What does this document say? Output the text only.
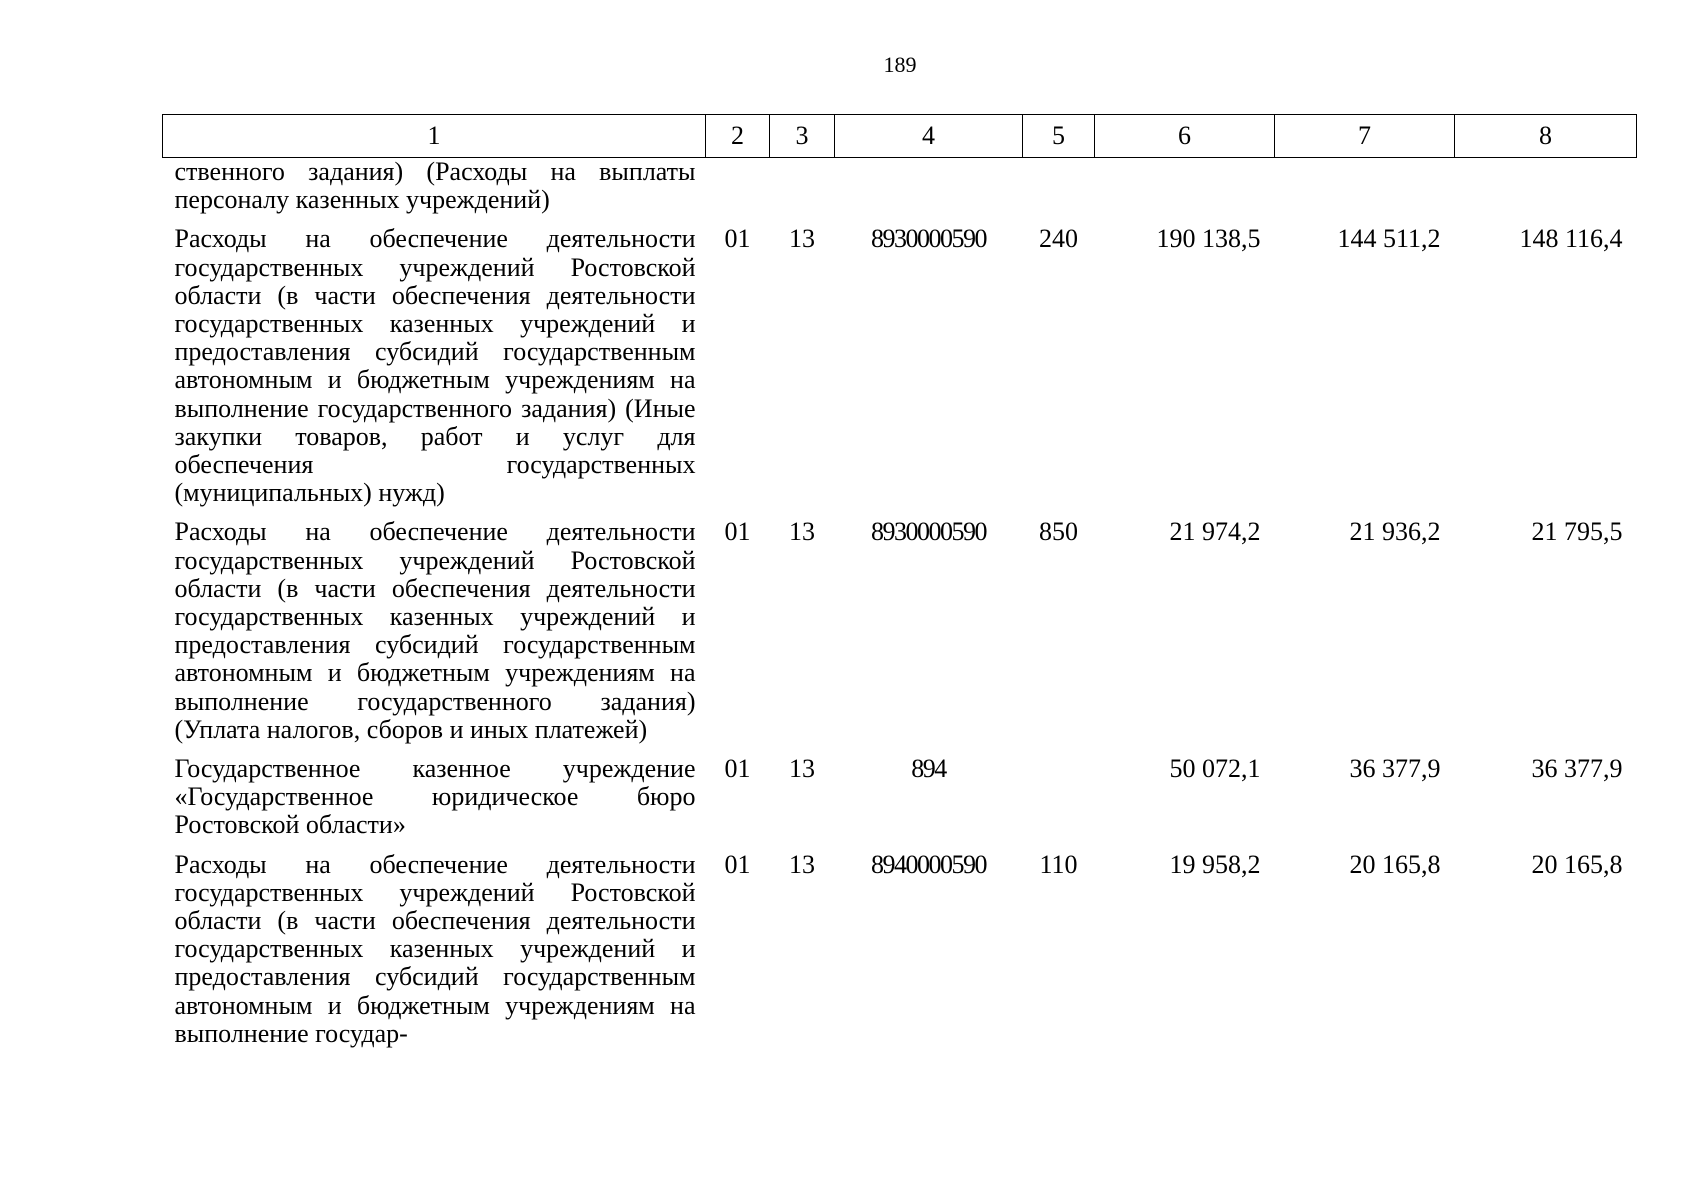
189
1	2	3	4	5	6	7	8
ственного задания) (Расходы на выплаты персоналу казенных учреждений)							
Расходы на обеспечение деятельности государственных учреждений Ростовской области (в части обеспечения деятельности государственных казенных учреждений и предоставления субсидий государственным автономным и бюджетным учреждениям на выполнение государственного задания) (Иные закупки товаров, работ и услуг для обеспечения государственных (муниципальных) нужд)	01	13	89 3 00 00590	240	190 138,5	144 511,2	148 116,4
Расходы на обеспечение деятельности государственных учреждений Ростовской области (в части обеспечения деятельности государственных казенных учреждений и предоставления субсидий государственным автономным и бюджетным учреждениям на выполнение государственного задания) (Уплата налогов, сборов и иных платежей)	01	13	89 3 00 00590	850	21 974,2	21 936,2	21 795,5
Государственное казенное учреждение «Государственное юридическое бюро Ростовской области»	01	13	89 4		50 072,1	36 377,9	36 377,9
Расходы на обеспечение деятельности государственных учреждений Ростовской области (в части обеспечения деятельности государственных казенных учреждений и предоставления субсидий государственным автономным и бюджетным учреждениям на выполнение государ-	01	13	89 4 00 00590	110	19 958,2	20 165,8	20 165,8
